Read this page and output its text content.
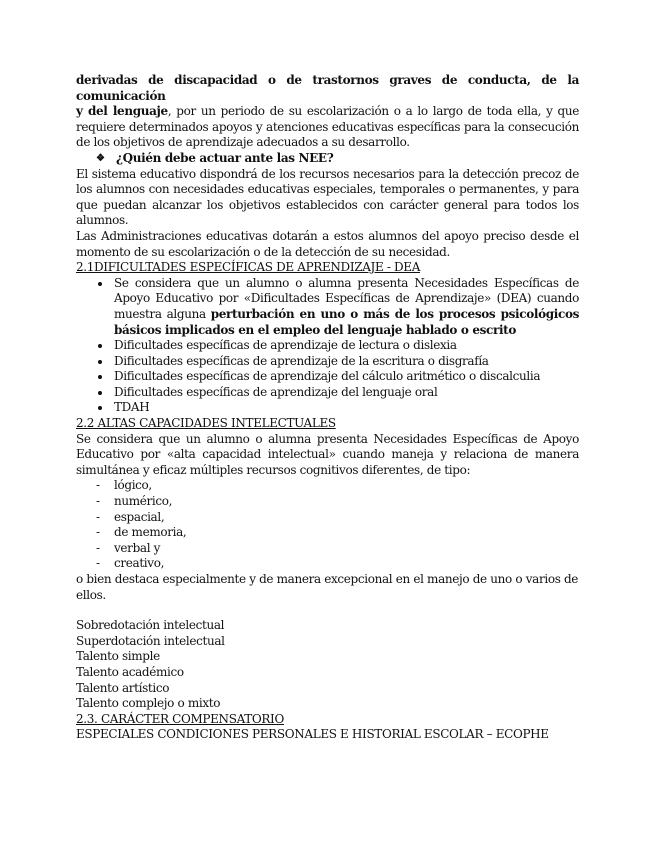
derivadas de discapacidad o de trastornos graves de conducta, de la comunicación
y del lenguaje, por un periodo de su escolarización o a lo largo de toda ella, y que requiere determinados apoyos y atenciones educativas específicas para la consecución de los objetivos de aprendizaje adecuados a su desarrollo.

❖ ¿Quién debe actuar ante las NEE?

El sistema educativo dispondrá de los recursos necesarios para la detección precoz de los alumnos con necesidades educativas especiales, temporales o permanentes, y para que puedan alcanzar los objetivos establecidos con carácter general para todos los alumnos.

Las Administraciones educativas dotarán a estos alumnos del apoyo preciso desde el momento de su escolarización o de la detección de su necesidad.

2.1DIFICULTADES ESPECÍFICAS DE APRENDIZAJE - DEA

Se considera que un alumno o alumna presenta Necesidades Específicas de Apoyo Educativo por «Dificultades Específicas de Aprendizaje» (DEA) cuando muestra alguna perturbación en uno o más de los procesos psicológicos básicos implicados en el empleo del lenguaje hablado o escrito
Dificultades específicas de aprendizaje de lectura o dislexia
Dificultades específicas de aprendizaje de la escritura o disgrafía
Dificultades específicas de aprendizaje del cálculo aritmético o discalculia
Dificultades específicas de aprendizaje del lenguaje oral
TDAH

2.2 ALTAS CAPACIDADES INTELECTUALES

Se considera que un alumno o alumna presenta Necesidades Específicas de Apoyo Educativo por «alta capacidad intelectual» cuando maneja y relaciona de manera simultánea y eficaz múltiples recursos cognitivos diferentes, de tipo:

- lógico,
- numérico,
- espacial,
- de memoria,
- verbal y
- creativo,

o bien destaca especialmente y de manera excepcional en el manejo de uno o varios de ellos.

Sobredotación intelectual
Superdotación intelectual
Talento simple
Talento académico
Talento artístico
Talento complejo o mixto

2.3. CARÁCTER COMPENSATORIO

ESPECIALES CONDICIONES PERSONALES E HISTORIAL ESCOLAR – ECOPHE
